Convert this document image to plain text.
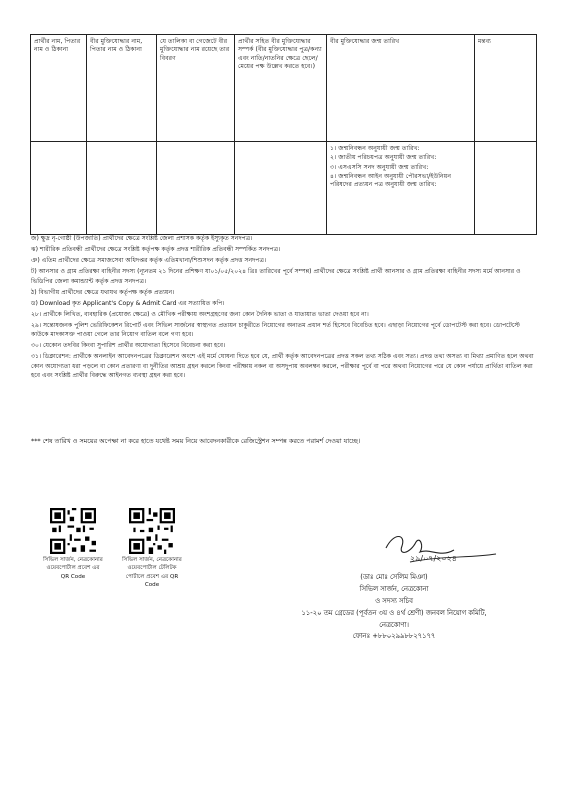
প্রার্থীর নাম, পিতার নাম ও ঠিকানা	বীর মুক্তিযোদ্ধার নাম, পিতার নাম ও ঠিকানা	যে তালিকা বা গেজেটে বীর মুক্তিযোদ্ধার নাম রয়েছে তার বিবরণ	প্রার্থীর সহিত বীর মুক্তিযোদ্ধার সম্পর্ক (বীর মুক্তিযোদ্ধার পুত্র/কন্যা এবং নাতি/নাতনির ক্ষেত্রে ছেলে/মেয়ের পক্ষ উল্লেখ করতে হবে।)	বীর মুক্তিযোদ্ধার জন্ম তারিখ	মন্তব্য

				১। জন্মনিবন্ধন অনুযায়ী জন্ম তারিখ:
২। জাতীয় পরিচয়পত্র অনুযায়ী জন্ম তারিখ:
৩। এসএসসি সনদ অনুযায়ী জন্ম তারিখ:
৪। জন্মনিবন্ধন আইন অনুযায়ী পৌরসভা/ইউনিয়ন পরিষদের প্রত্যয়ন পত্র অনুযায়ী জন্ম তারিখ:	

জ) ক্ষুদ্র নৃ-গোষ্ঠী (উপজাতি) প্রার্থীদের ক্ষেত্রে সংশ্লিষ্ট জেলা প্রশাসক কর্তৃক ইস্যুকৃত সনদপত্র।

ঝ) শারীরিক প্রতিবন্ধী প্রার্থীদের ক্ষেত্রে সংশ্লিষ্ট কর্তৃপক্ষ কর্তৃক প্রদত্ত শারীরিক প্রতিবন্ধী সম্পর্কিত সনদপত্র।

ঞ) এতিম প্রার্থীদের ক্ষেত্রে সমাজসেবা অধিদপ্তর কর্তৃক এতিমখানা/শিশুসদন কর্তৃক প্রদত্ত সনদপত্র।

ট) আনসার ও গ্রাম প্রতিরক্ষা বাহিনীর সদস্য (ন্যূনতম ২১ দিনের প্রশিক্ষণ যা০১/০৫/২০২৪ খ্রিঃ তারিখের পূর্বে সম্পন্ন) প্রার্থীদের ক্ষেত্রে সংশ্লিষ্ট প্রার্থী আনসার ও গ্রাম প্রতিরক্ষা বাহিনীর সদস্য মর্মে আনসার ও ভিডিপির জেলা কমান্ড্যান্ট কর্তৃক প্রদত্ত সনদপত্র।

ঠ) বিভাগীয় প্রার্থীদের ক্ষেত্রে যথাযথ কর্তৃপক্ষ কর্তৃক প্রত্যয়ন।

ড) Download কৃত Applicant's Copy & Admit Card এর সত্যায়িত কপি।

২৮। প্রার্থীকে লিখিত, ব্যবহারিক (প্রযোজ্য ক্ষেত্রে) ও মৌখিক পরীক্ষায় অংশগ্রহণের জন্য কোন দৈনিক ভাতা ও যাতায়াত ভাতা দেওয়া হবে না।

২৯। সন্তোষজনক পুলিশ ভেরিফিকেশন রিপোর্ট এবং সিভিল সার্জনের স্বাস্থ্যগত প্রত্যয়ন চাকুরীতে নিয়োগের অন্যতম প্রধান শর্ত হিসেবে বিবেচিত হবে। এছাড়া নিয়োগের পূর্বে ডোপটেস্ট করা হবে। ডোপটেস্টে কাউকে মাদকাসক্ত পাওয়া গেলে তার নিয়োগ বাতিল বলে গণ্য হবে।

৩০। যেকোন তদবির কিংবা সুপারিশ প্রার্থীর অযোগ্যতা হিসেবে বিবেচনা করা হবে।

৩১। ডিক্লারেশন: প্রার্থীকে অনলাইন আবেদনপত্রের ডিক্লারেশন অংশে এই মর্মে ঘোষনা দিতে হবে যে, প্রার্থী কর্তৃক আবেদনপত্রের প্রদত্ত সকল তথ্য সঠিক এবং সত্য। প্রদত্ত তথ্য অসত্য বা মিথ্যা প্রমাণিত হলে অথবা কোন অযোগ্যতা ধরা পড়লে বা কোন প্রতারণা বা দুর্নীতির আশ্রয় গ্রহন করলে কিংবা পরীক্ষায় নকল বা অসদুপায় অবলম্বন করলে, পরীক্ষার পূর্বে বা পরে অথবা নিয়োগের পরে যে কোন পর্যায়ে প্রার্থিতা বাতিল করা হবে এবং সংশ্লিষ্ট প্রার্থীর বিরুদ্ধে আইনগত ব্যবস্থা গ্রহন করা হবে।

*** শেষ তারিখ ও সময়ের অপেক্ষা না করে হাতে যথেষ্ট সময় নিয়ে আবেদনকারীকে রেজিস্ট্রেশন সম্পন্ন করতে পরামর্শ দেওয়া যাচ্ছে।
২৯/০৭/২০২৪
(ডাঃ মোঃ সেলিম মিঞা)
সিভিল সার্জন, নেত্রকোনা
ও সদস্য সচিব
১১-২০ তম গ্রেডের (পূর্বতন ৩য় ও ৪র্থ শ্রেণী) জনবল নিয়োগ কমিটি,
নেত্রকোণা।
ফোনঃ +৮৮০২৯৯৮৮২৭১৭৭
সিভিল সার্জন, নেত্রকোনার
ওয়েবপোর্টাল প্রবেশ এর
QR Code
সিভিল সার্জন, নেত্রকোনার
ওয়েবপোর্টাল টেলিটক
পোর্টালে প্রবেশ এর QR
Code
